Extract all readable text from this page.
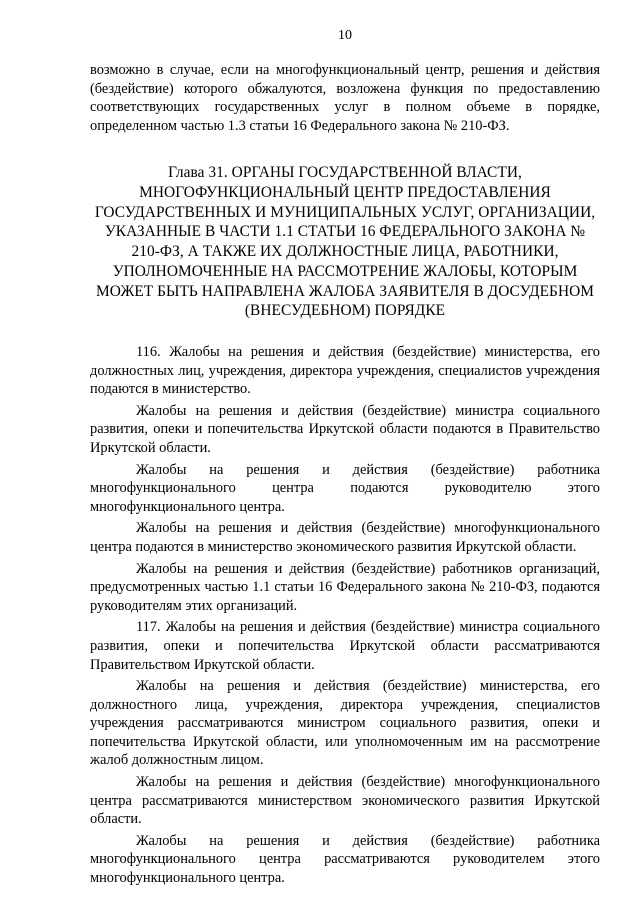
10

возможно в случае, если на многофункциональный центр, решения и действия (бездействие) которого обжалуются, возложена функция по предоставлению соответствующих государственных услуг в полном объеме в порядке, определенном частью 1.3 статьи 16 Федерального закона № 210-ФЗ.

Глава 31. ОРГАНЫ ГОСУДАРСТВЕННОЙ ВЛАСТИ, МНОГОФУНКЦИОНАЛЬНЫЙ ЦЕНТР ПРЕДОСТАВЛЕНИЯ ГОСУДАРСТВЕННЫХ И МУНИЦИПАЛЬНЫХ УСЛУГ, ОРГАНИЗАЦИИ, УКАЗАННЫЕ В ЧАСТИ 1.1 СТАТЬИ 16 ФЕДЕРАЛЬНОГО ЗАКОНА № 210-ФЗ, А ТАКЖЕ ИХ ДОЛЖНОСТНЫЕ ЛИЦА, РАБОТНИКИ, УПОЛНОМОЧЕННЫЕ НА РАССМОТРЕНИЕ ЖАЛОБЫ, КОТОРЫМ МОЖЕТ БЫТЬ НАПРАВЛЕНА ЖАЛОБА ЗАЯВИТЕЛЯ В ДОСУДЕБНОМ (ВНЕСУДЕБНОМ) ПОРЯДКЕ

116. Жалобы на решения и действия (бездействие) министерства, его должностных лиц, учреждения, директора учреждения, специалистов учреждения подаются в министерство.

Жалобы на решения и действия (бездействие) министра социального развития, опеки и попечительства Иркутской области подаются в Правительство Иркутской области.

Жалобы на решения и действия (бездействие) работника многофункционального центра подаются руководителю этого многофункционального центра.

Жалобы на решения и действия (бездействие) многофункционального центра подаются в министерство экономического развития Иркутской области.

Жалобы на решения и действия (бездействие) работников организаций, предусмотренных частью 1.1 статьи 16 Федерального закона № 210-ФЗ, подаются руководителям этих организаций.

117. Жалобы на решения и действия (бездействие) министра социального развития, опеки и попечительства Иркутской области рассматриваются Правительством Иркутской области.

Жалобы на решения и действия (бездействие) министерства, его должностного лица, учреждения, директора учреждения, специалистов учреждения рассматриваются министром социального развития, опеки и попечительства Иркутской области, или уполномоченным им на рассмотрение жалоб должностным лицом.

Жалобы на решения и действия (бездействие) многофункционального центра рассматриваются министерством экономического развития Иркутской области.

Жалобы на решения и действия (бездействие) работника многофункционального центра рассматриваются руководителем этого многофункционального центра.
